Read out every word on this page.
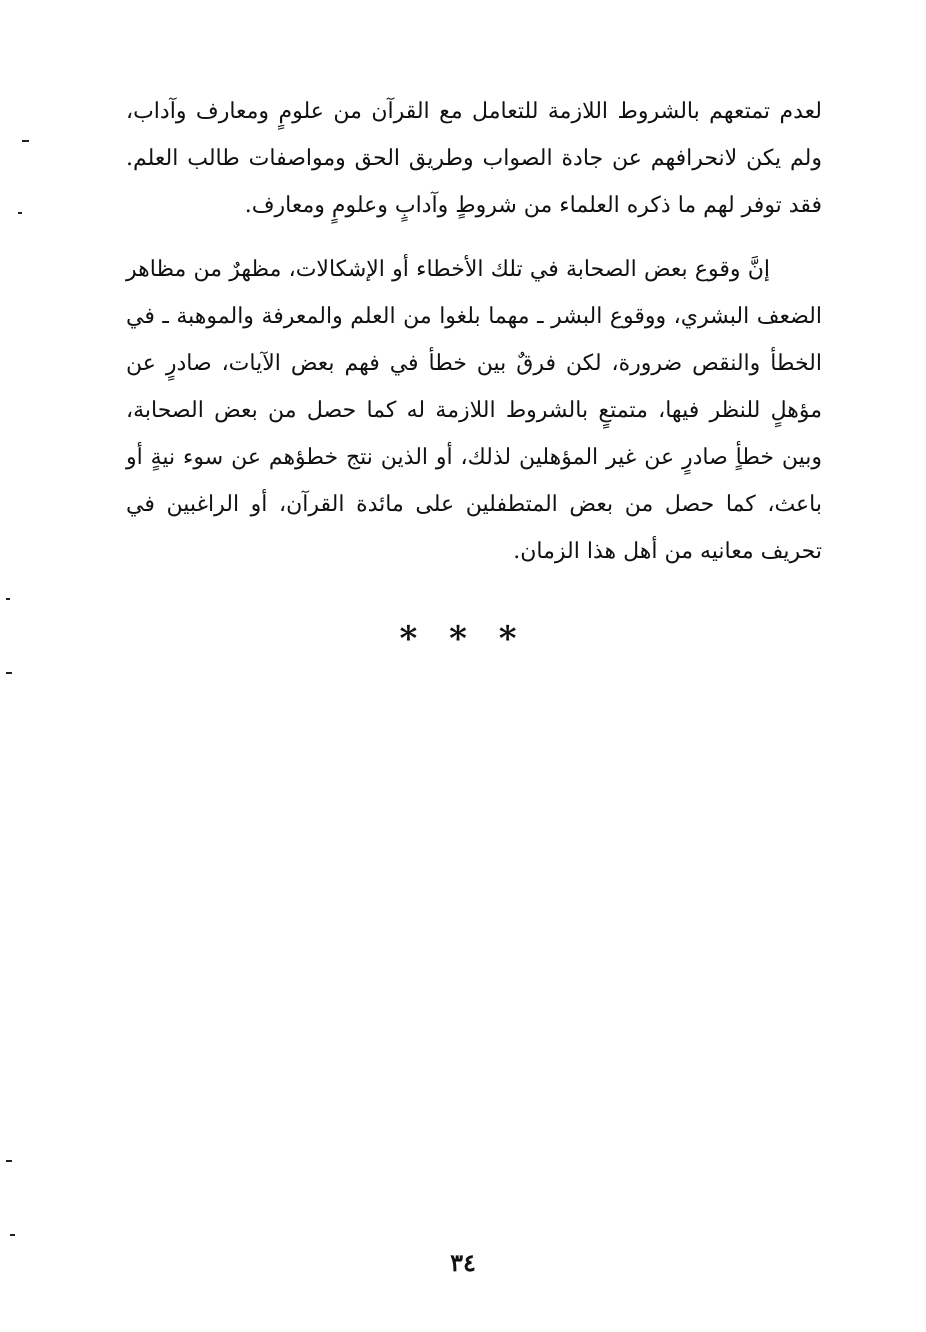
لعدم تمتعهم بالشروط اللازمة للتعامل مع القرآن من علومٍ ومعارف وآداب، ولم يكن لانحرافهم عن جادة الصواب وطريق الحق ومواصفات طالب العلم. فقد توفر لهم ما ذكره العلماء من شروطٍ وآدابٍ وعلومٍ ومعارف.

إنَّ وقوع بعض الصحابة في تلك الأخطاء أو الإشكالات، مظهرٌ من مظاهر الضعف البشري، ووقوع البشر ـ مهما بلغوا من العلم والمعرفة والموهبة ـ في الخطأ والنقص ضرورة، لكن فرقٌ بين خطأ في فهم بعض الآيات، صادرٍ عن مؤهلٍ للنظر فيها، متمتعٍ بالشروط اللازمة له كما حصل من بعض الصحابة، وبين خطأٍ صادرٍ عن غير المؤهلين لذلك، أو الذين نتج خطؤهم عن سوء نيةٍ أو باعث، كما حصل من بعض المتطفلين على مائدة القرآن، أو الراغبين في تحريف معانيه من أهل هذا الزمان.

* * *
٣٤
